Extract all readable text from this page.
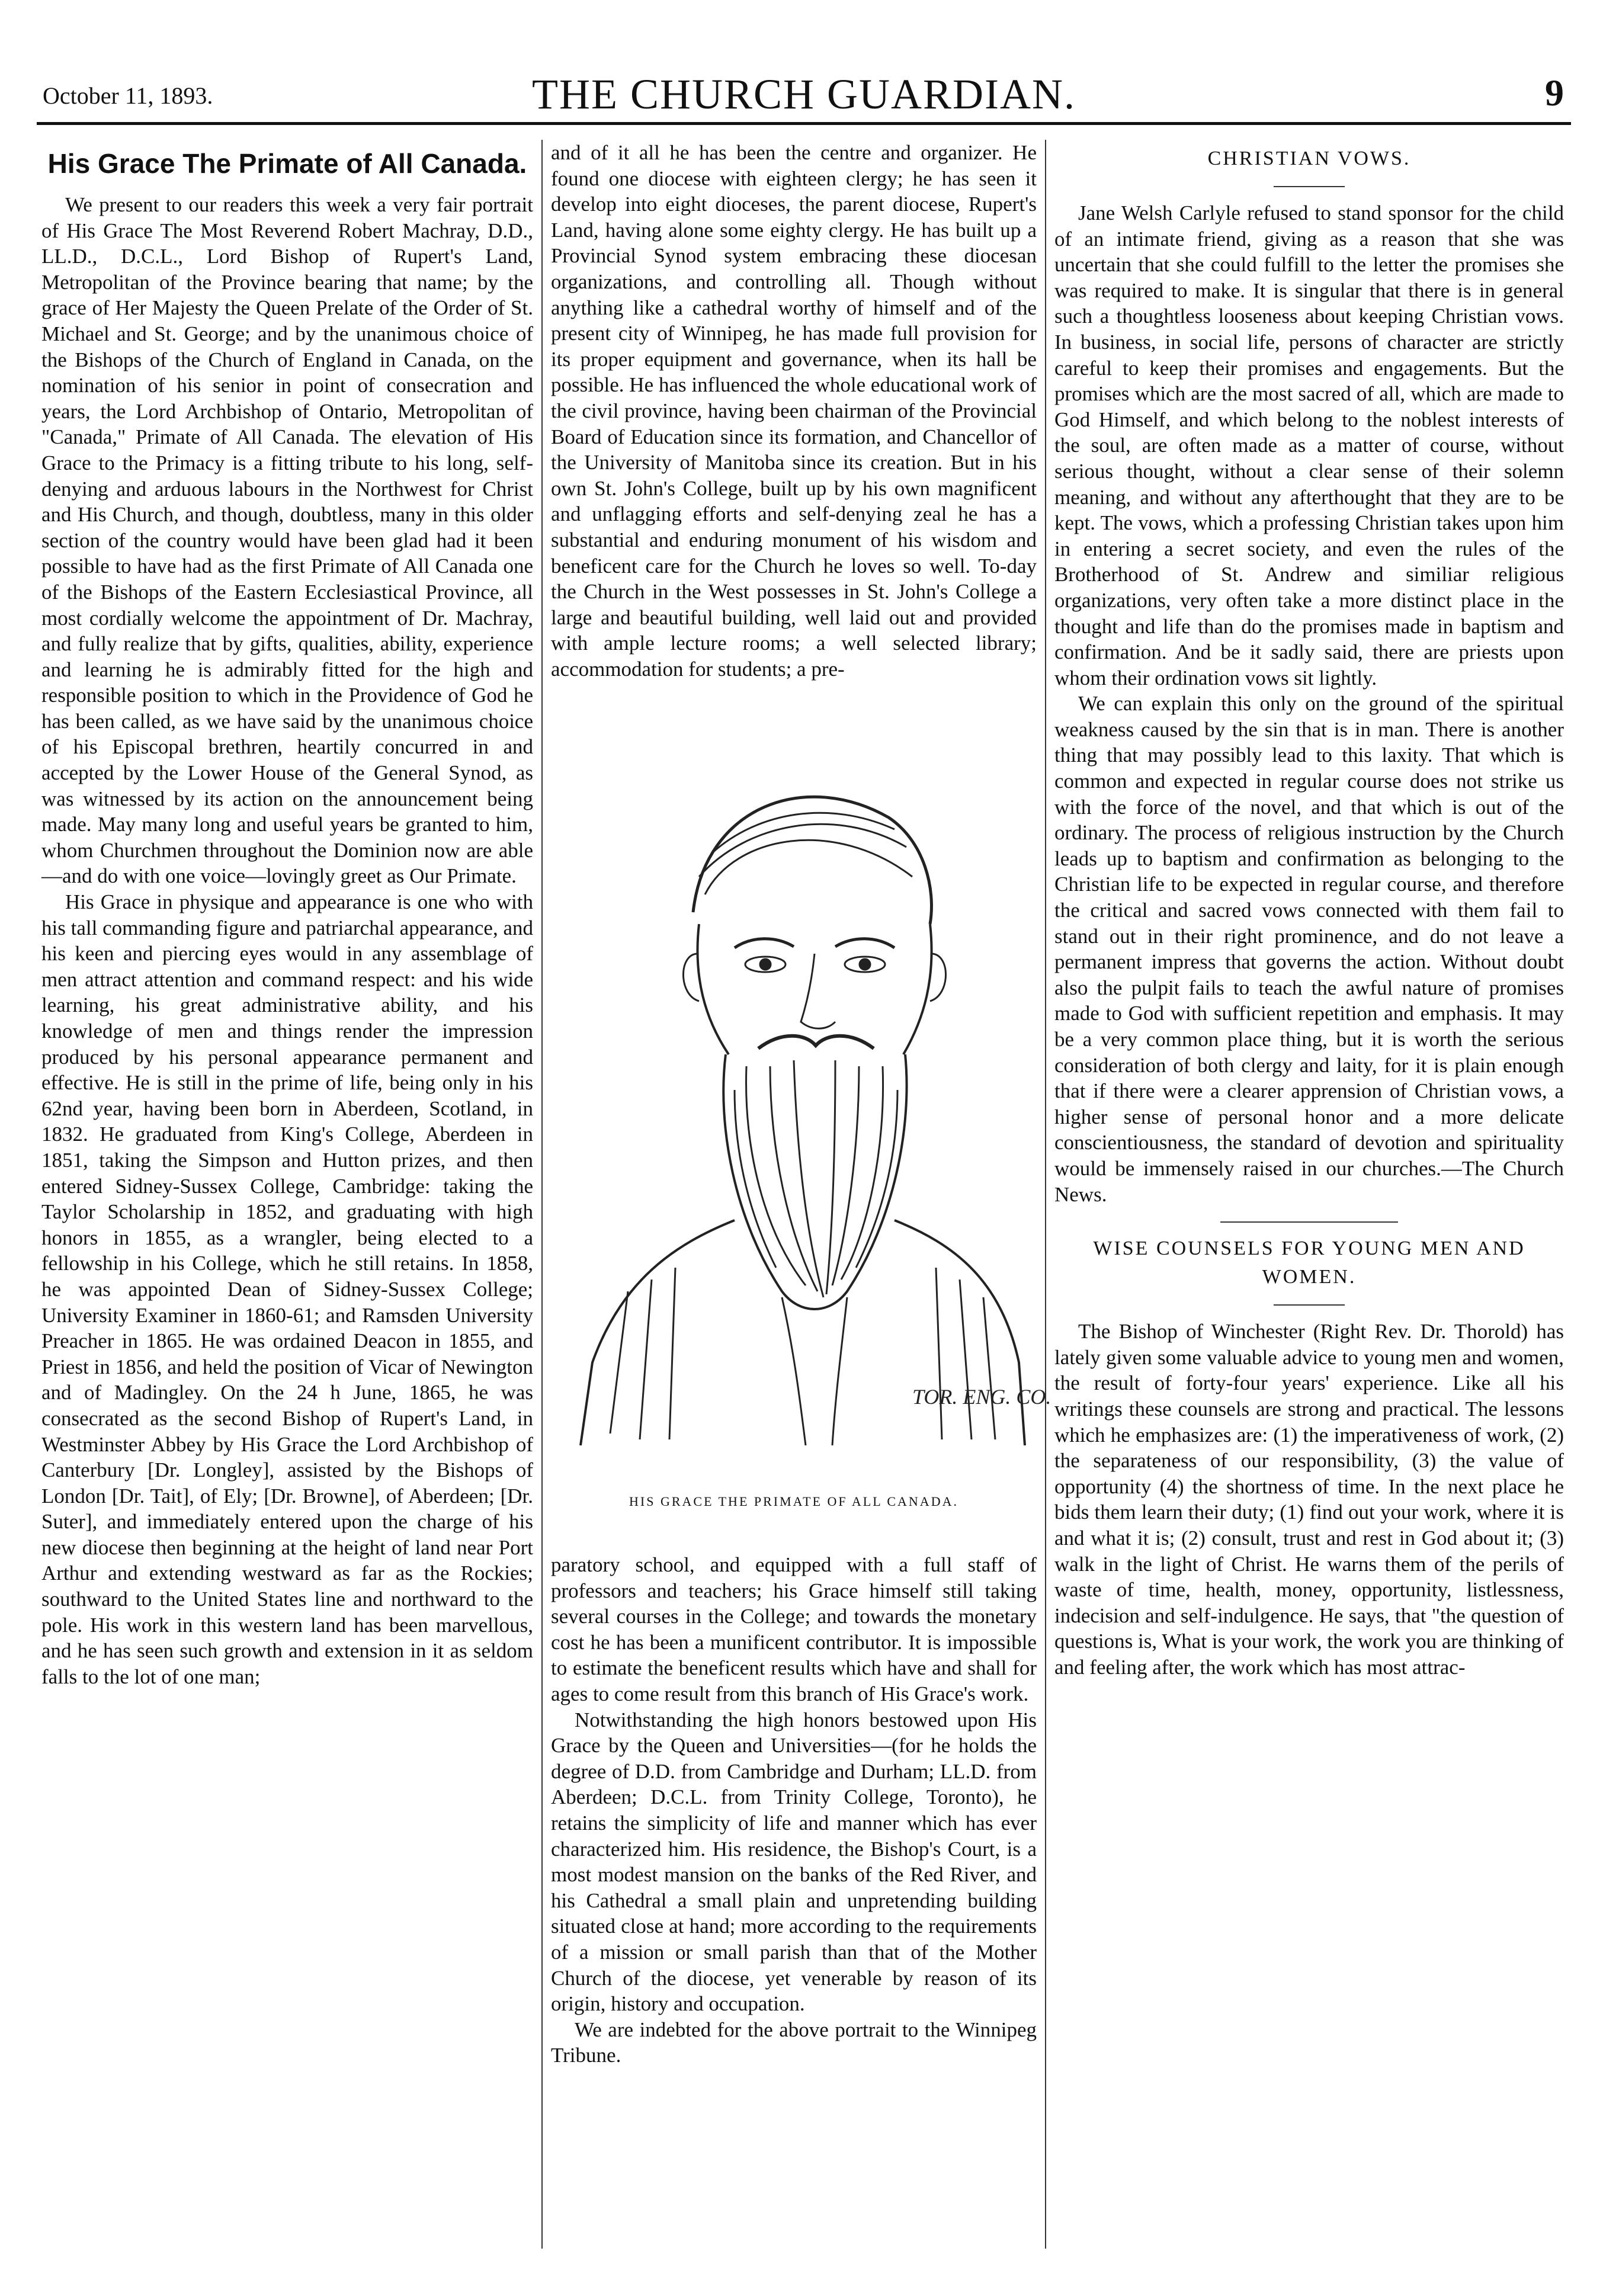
October 11, 1893.	THE CHURCH GUARDIAN.	9
His Grace The Primate of All Canada.

We present to our readers this week a very fair portrait of His Grace The Most Reverend Robert Machray, D.D., LL.D., D.C.L., Lord Bishop of Rupert's Land, Metropolitan of the Province bearing that name; by the grace of Her Majesty the Queen Prelate of the Order of St. Michael and St. George; and by the unanimous choice of the Bishops of the Church of England in Canada, on the nomination of his senior in point of consecration and years, the Lord Archbishop of Ontario, Metropolitan of "Canada," Primate of All Canada. The elevation of His Grace to the Primacy is a fitting tribute to his long, self-denying and arduous labours in the Northwest for Christ and His Church, and though, doubtless, many in this older section of the country would have been glad had it been possible to have had as the first Primate of All Canada one of the Bishops of the Eastern Ecclesiastical Province, all most cordially welcome the appointment of Dr. Machray, and fully realize that by gifts, qualities, ability, experience and learning he is admirably fitted for the high and responsible position to which in the Providence of God he has been called, as we have said by the unanimous choice of his Episcopal brethren, heartily concurred in and accepted by the Lower House of the General Synod, as was witnessed by its action on the announcement being made. May many long and useful years be granted to him, whom Churchmen throughout the Dominion now are able—and do with one voice—lovingly greet as Our Primate.

His Grace in physique and appearance is one who with his tall commanding figure and patriarchal appearance, and his keen and piercing eyes would in any assemblage of men attract attention and command respect: and his wide learning, his great administrative ability, and his knowledge of men and things render the impression produced by his personal appearance permanent and effective. He is still in the prime of life, being only in his 62nd year, having been born in Aberdeen, Scotland, in 1832. He graduated from King's College, Aberdeen in 1851, taking the Simpson and Hutton prizes, and then entered Sidney-Sussex College, Cambridge: taking the Taylor Scholarship in 1852, and graduating with high honors in 1855, as a wrangler, being elected to a fellowship in his College, which he still retains. In 1858, he was appointed Dean of Sidney-Sussex College; University Examiner in 1860-61; and Ramsden University Preacher in 1865. He was ordained Deacon in 1855, and Priest in 1856, and held the position of Vicar of Newington and of Madingley. On the 24 h June, 1865, he was consecrated as the second Bishop of Rupert's Land, in Westminster Abbey by His Grace the Lord Archbishop of Canterbury [Dr. Longley], assisted by the Bishops of London [Dr. Tait], of Ely; [Dr. Browne], of Aberdeen; [Dr. Suter], and immediately entered upon the charge of his new diocese then beginning at the height of land near Port Arthur and extending westward as far as the Rockies; southward to the United States line and northward to the pole. His work in this western land has been marvellous, and he has seen such growth and extension in it as seldom falls to the lot of one man;

and of it all he has been the centre and organizer. He found one diocese with eighteen clergy; he has seen it develop into eight dioceses, the parent diocese, Rupert's Land, having alone some eighty clergy. He has built up a Provincial Synod system embracing these diocesan organizations, and controlling all. Though without anything like a cathedral worthy of himself and of the present city of Winnipeg, he has made full provision for its proper equipment and governance, when its hall be possible. He has influenced the whole educational work of the civil province, having been chairman of the Provincial Board of Education since its formation, and Chancellor of the University of Manitoba since its creation. But in his own St. John's College, built up by his own magnificent and unflagging efforts and self-denying zeal he has a substantial and enduring monument of his wisdom and beneficent care for the Church he loves so well. To-day the Church in the West possesses in St. John's College a large and beautiful building, well laid out and provided with ample lecture rooms; a well selected library; accommodation for students; a pre-

TOR. ENG. CO.
HIS GRACE THE PRIMATE OF ALL CANADA.

paratory school, and equipped with a full staff of professors and teachers; his Grace himself still taking several courses in the College; and towards the monetary cost he has been a munificent contributor. It is impossible to estimate the beneficent results which have and shall for ages to come result from this branch of His Grace's work.

Notwithstanding the high honors bestowed upon His Grace by the Queen and Universities—(for he holds the degree of D.D. from Cambridge and Durham; LL.D. from Aberdeen; D.C.L. from Trinity College, Toronto), he retains the simplicity of life and manner which has ever characterized him. His residence, the Bishop's Court, is a most modest mansion on the banks of the Red River, and his Cathedral a small plain and unpretending building situated close at hand; more according to the requirements of a mission or small parish than that of the Mother Church of the diocese, yet venerable by reason of its origin, history and occupation.

We are indebted for the above portrait to the Winnipeg Tribune.

CHRISTIAN VOWS.

Jane Welsh Carlyle refused to stand sponsor for the child of an intimate friend, giving as a reason that she was uncertain that she could fulfill to the letter the promises she was required to make. It is singular that there is in general such a thoughtless looseness about keeping Christian vows. In business, in social life, persons of character are strictly careful to keep their promises and engagements. But the promises which are the most sacred of all, which are made to God Himself, and which belong to the noblest interests of the soul, are often made as a matter of course, without serious thought, without a clear sense of their solemn meaning, and without any afterthought that they are to be kept. The vows, which a professing Christian takes upon him in entering a secret society, and even the rules of the Brotherhood of St. Andrew and similiar religious organizations, very often take a more distinct place in the thought and life than do the promises made in baptism and confirmation. And be it sadly said, there are priests upon whom their ordination vows sit lightly.

We can explain this only on the ground of the spiritual weakness caused by the sin that is in man. There is another thing that may possibly lead to this laxity. That which is common and expected in regular course does not strike us with the force of the novel, and that which is out of the ordinary. The process of religious instruction by the Church leads up to baptism and confirmation as belonging to the Christian life to be expected in regular course, and therefore the critical and sacred vows connected with them fail to stand out in their right prominence, and do not leave a permanent impress that governs the action. Without doubt also the pulpit fails to teach the awful nature of promises made to God with sufficient repetition and emphasis. It may be a very common place thing, but it is worth the serious consideration of both clergy and laity, for it is plain enough that if there were a clearer apprension of Christian vows, a higher sense of personal honor and a more delicate conscientiousness, the standard of devotion and spirituality would be immensely raised in our churches.—The Church News.

WISE COUNSELS FOR YOUNG MEN AND WOMEN.

The Bishop of Winchester (Right Rev. Dr. Thorold) has lately given some valuable advice to young men and women, the result of forty-four years' experience. Like all his writings these counsels are strong and practical. The lessons which he emphasizes are: (1) the imperativeness of work, (2) the separateness of our responsibility, (3) the value of opportunity (4) the shortness of time. In the next place he bids them learn their duty; (1) find out your work, where it is and what it is; (2) consult, trust and rest in God about it; (3) walk in the light of Christ. He warns them of the perils of waste of time, health, money, opportunity, listlessness, indecision and self-indulgence. He says, that "the question of questions is, What is your work, the work you are thinking of and feeling after, the work which has most attrac-
